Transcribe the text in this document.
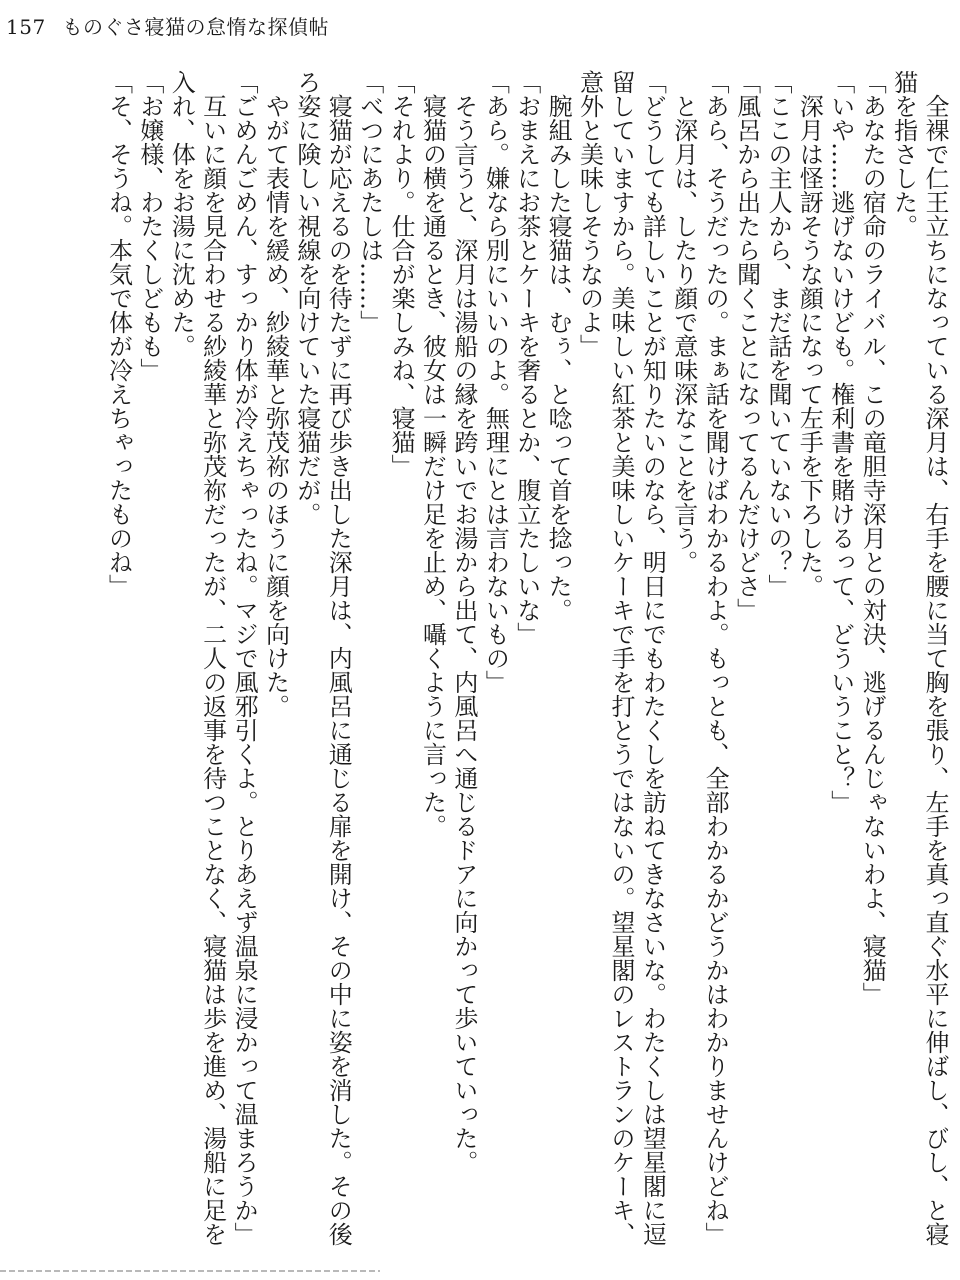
157 ものぐさ寝猫の怠惰な探偵帖

　全裸で仁王立ちになっている深月は、右手を腰に当て胸を張り、左手を真っ直ぐ水平に伸ばし、びし、と寝猫を指さした。

「あなたの宿命のライバル、この竜胆寺深月との対決、逃げるんじゃないわよ、寝猫」

「いや……逃げないけども。権利書を賭けるって、どういうこと？」

　深月は怪訝そうな顔になって左手を下ろした。

「ここの主人から、まだ話を聞いていないの？」

「風呂から出たら聞くことになってるんだけどさ」

「あら、そうだったの。まぁ話を聞けばわかるわよ。もっとも、全部わかるかどうかはわかりませんけどね」

　と深月は、したり顔で意味深なことを言う。

「どうしても詳しいことが知りたいのなら、明日にでもわたくしを訪ねてきなさいな。わたくしは望星閣に逗留していますから。美味しい紅茶と美味しいケーキで手を打とうではないの。望星閣のレストランのケーキ、意外と美味しそうなのよ」

　腕組みした寝猫は、むぅ、と唸って首を捻った。

「おまえにお茶とケーキを奢るとか、腹立たしいな」

「あら。嫌なら別にいいのよ。無理にとは言わないもの」

　そう言うと、深月は湯船の縁を跨いでお湯から出て、内風呂へ通じるドアに向かって歩いていった。

　寝猫の横を通るとき、彼女は一瞬だけ足を止め、囁くように言った。

「それより。仕合が楽しみね、寝猫」

「べつにあたしは……」

　寝猫が応えるのを待たずに再び歩き出した深月は、内風呂に通じる扉を開け、その中に姿を消した。その後ろ姿に険しい視線を向けていた寝猫だが。

　やがて表情を緩め、紗綾華と弥茂祢のほうに顔を向けた。

「ごめんごめん、すっかり体が冷えちゃったね。マジで風邪引くよ。とりあえず温泉に浸かって温まろうか」

　互いに顔を見合わせる紗綾華と弥茂祢だったが、二人の返事を待つことなく、寝猫は歩を進め、湯船に足を入れ、体をお湯に沈めた。

「お嬢様、わたくしどもも」

「そ、そうね。本気で体が冷えちゃったものね」
